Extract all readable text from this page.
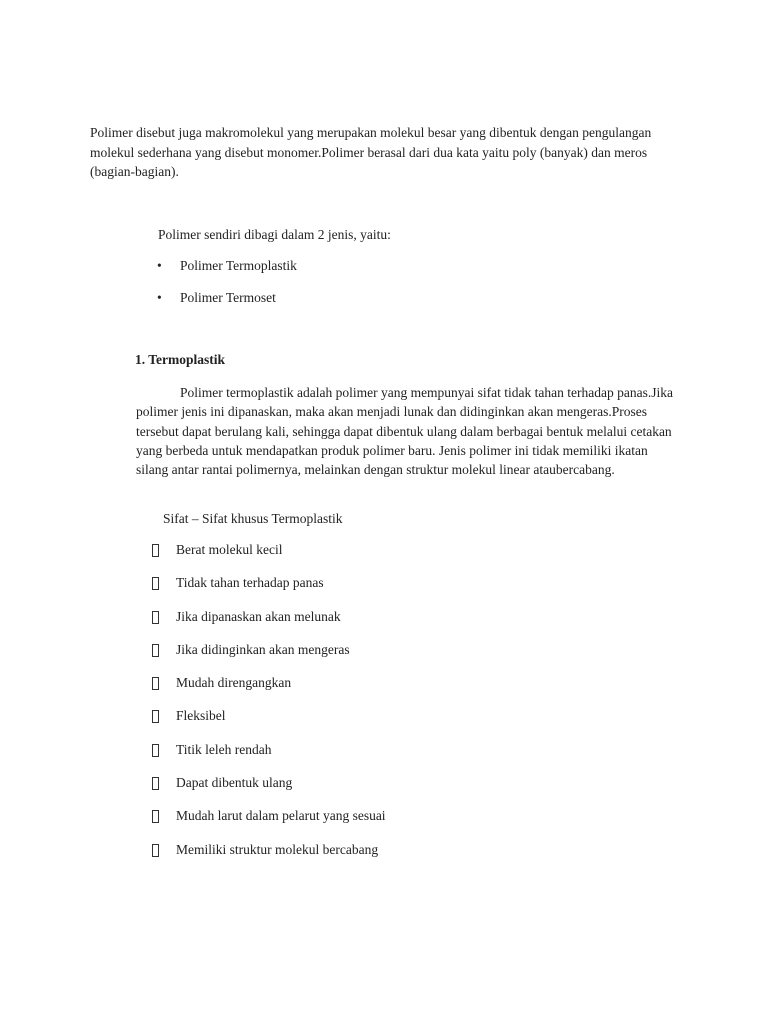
Polimer disebut juga makromolekul yang merupakan molekul besar yang dibentuk dengan pengulangan molekul sederhana yang disebut monomer.Polimer berasal dari dua kata yaitu poly (banyak) dan meros (bagian-bagian).

Polimer sendiri dibagi dalam 2 jenis, yaitu:

•	Polimer Termoplastik
•	Polimer Termoset
1. Termoplastik

Polimer termoplastik adalah polimer yang mempunyai sifat tidak tahan terhadap panas.Jika polimer jenis ini dipanaskan, maka akan menjadi lunak dan didinginkan akan mengeras.Proses tersebut dapat berulang kali, sehingga dapat dibentuk ulang dalam berbagai bentuk melalui cetakan yang berbeda untuk mendapatkan produk polimer baru. Jenis polimer ini tidak memiliki ikatan silang antar rantai polimernya, melainkan dengan struktur molekul linear ataubercabang.

Sifat – Sifat khusus Termoplastik

Berat molekul kecil
Tidak tahan terhadap panas
Jika dipanaskan akan melunak
Jika didinginkan akan mengeras
Mudah direngangkan
Fleksibel
Titik leleh rendah
Dapat dibentuk ulang
Mudah larut dalam pelarut yang sesuai
Memiliki struktur molekul bercabang
